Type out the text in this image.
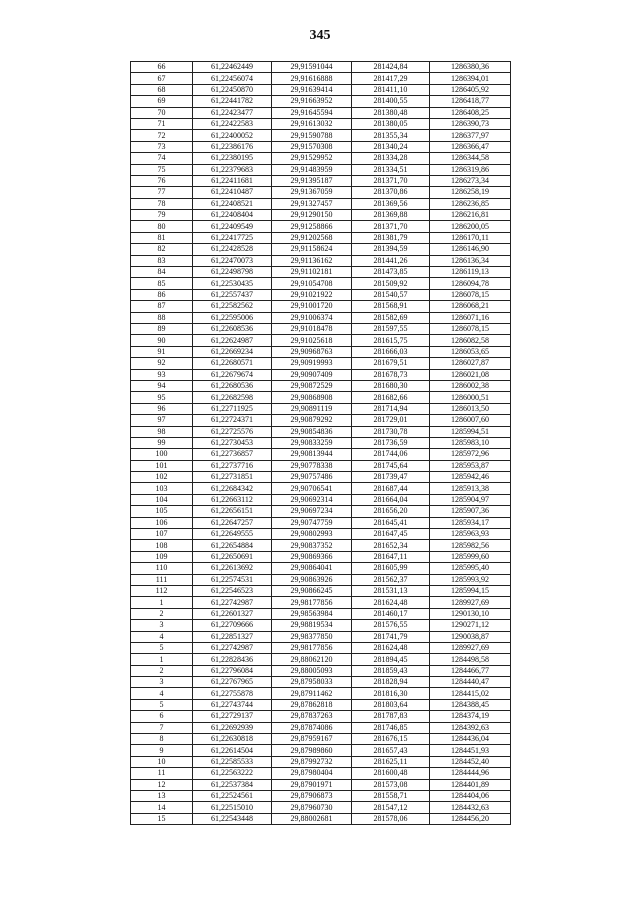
345
66	61,22462449	29,91591044	281424,84	1286380,36
67	61,22456074	29,91616888	281417,29	1286394,01
68	61,22450870	29,91639414	281411,10	1286405,92
69	61,22441782	29,91663952	281400,55	1286418,77
70	61,22423477	29,91645594	281380,48	1286408,25
71	61,22422583	29,91613032	281380,05	1286390,73
72	61,22400052	29,91590788	281355,34	1286377,97
73	61,22386176	29,91570308	281340,24	1286366,47
74	61,22380195	29,91529952	281334,28	1286344,58
75	61,22379683	29,91483959	281334,51	1286319,86
76	61,22411681	29,91395187	281371,70	1286273,34
77	61,22410487	29,91367059	281370,86	1286258,19
78	61,22408521	29,91327457	281369,56	1286236,85
79	61,22408404	29,91290150	281369,88	1286216,81
80	61,22409549	29,91258866	281371,70	1286200,05
81	61,22417725	29,91202568	281381,79	1286170,11
82	61,22428528	29,91158624	281394,59	1286146,90
83	61,22470073	29,91136162	281441,26	1286136,34
84	61,22498798	29,91102181	281473,85	1286119,13
85	61,22530435	29,91054708	281509,92	1286094,78
86	61,22557437	29,91021922	281540,57	1286078,15
87	61,22582562	29,91001720	281568,91	1286068,21
88	61,22595006	29,91006374	281582,69	1286071,16
89	61,22608536	29,91018478	281597,55	1286078,15
90	61,22624987	29,91025618	281615,75	1286082,58
91	61,22669234	29,90968763	281666,03	1286053,65
92	61,22680571	29,90919993	281679,51	1286027,87
93	61,22679674	29,90907409	281678,73	1286021,08
94	61,22680536	29,90872529	281680,30	1286002,38
95	61,22682598	29,90868908	281682,66	1286000,51
96	61,22711925	29,90891119	281714,94	1286013,50
97	61,22724371	29,90879292	281729,01	1286007,60
98	61,22725576	29,90854836	281730,78	1285994,51
99	61,22730453	29,90833259	281736,59	1285983,10
100	61,22736857	29,90813944	281744,06	1285972,96
101	61,22737716	29,90778338	281745,64	1285953,87
102	61,22731851	29,90757486	281739,47	1285942,46
103	61,22684342	29,90706541	281687,44	1285913,38
104	61,22663112	29,90692314	281664,04	1285904,97
105	61,22656151	29,90697234	281656,20	1285907,36
106	61,22647257	29,90747759	281645,41	1285934,17
107	61,22649555	29,90802993	281647,45	1285963,93
108	61,22654884	29,90837352	281652,34	1285982,56
109	61,22650691	29,90869366	281647,11	1285999,60
110	61,22613692	29,90864041	281605,99	1285995,40
111	61,22574531	29,90863926	281562,37	1285993,92
112	61,22546523	29,90866245	281531,13	1285994,15
1	61,22742987	29,98177856	281624,48	1289927,69
2	61,22601327	29,98563984	281460,17	1290130,10
3	61,22709666	29,98819534	281576,55	1290271,12
4	61,22851327	29,98377850	281741,79	1290038,87
5	61,22742987	29,98177856	281624,48	1289927,69
1	61,22828436	29,88062120	281894,45	1284498,58
2	61,22796084	29,88005093	281859,43	1284466,77
3	61,22767965	29,87958033	281828,94	1284440,47
4	61,22755878	29,87911462	281816,30	1284415,02
5	61,22743744	29,87862818	281803,64	1284388,45
6	61,22729137	29,87837263	281787,83	1284374,19
7	61,22692939	29,87874086	281746,85	1284392,63
8	61,22630818	29,87959167	281676,15	1284436,04
9	61,22614504	29,87989860	281657,43	1284451,93
10	61,22585533	29,87992732	281625,11	1284452,40
11	61,22563222	29,87980404	281600,48	1284444,96
12	61,22537384	29,87901971	281573,08	1284401,89
13	61,22524561	29,87906873	281558,71	1284404,06
14	61,22515010	29,87960730	281547,12	1284432,63
15	61,22543448	29,88002681	281578,06	1284456,20
